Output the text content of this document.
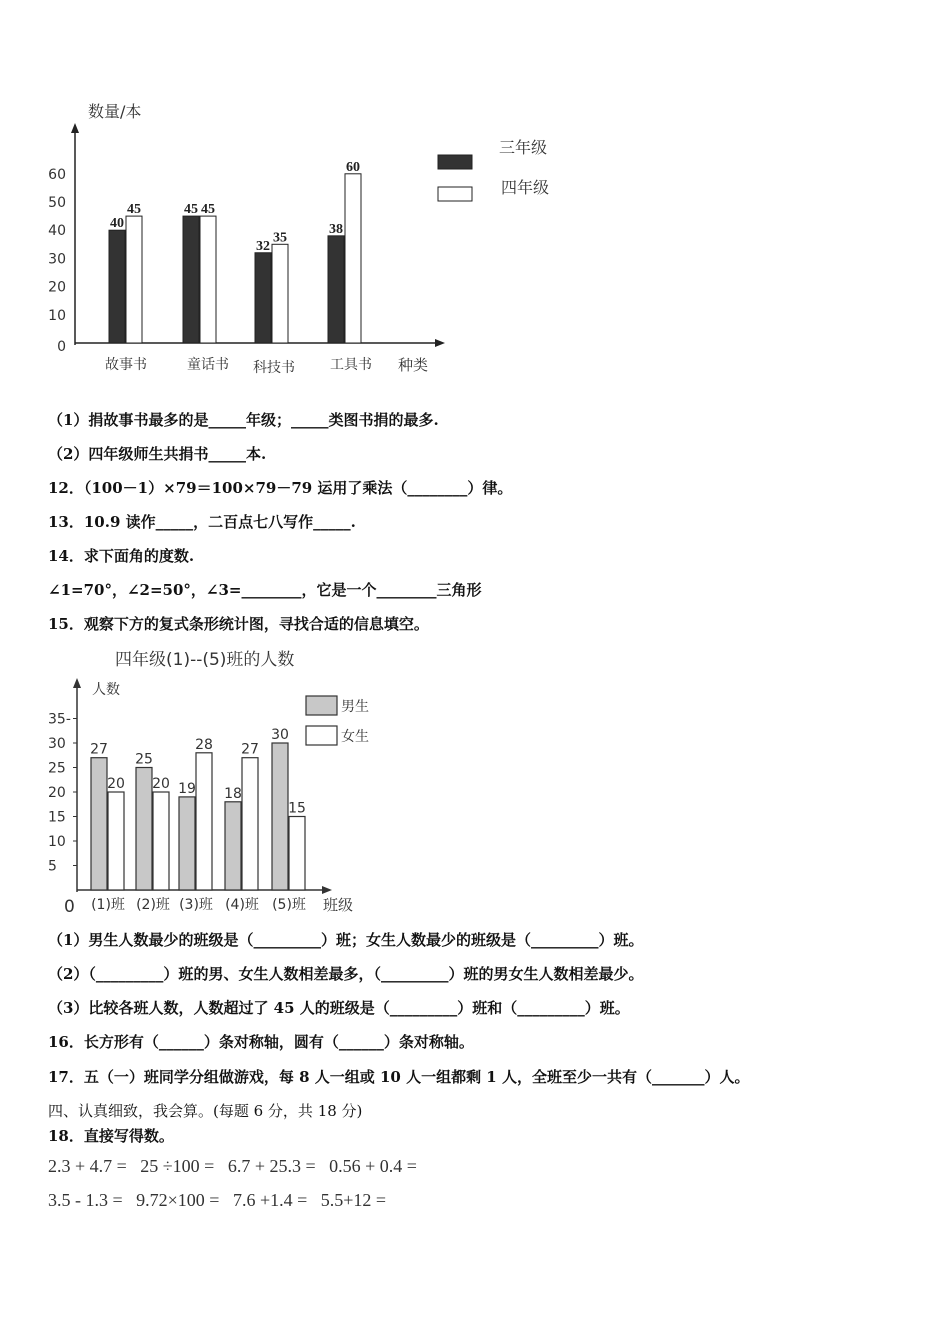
数量/本
种类
0
10
20
30
40
50
60
40
45
故事书
45 45
童话书
32
35
科技书
38
60
工具书
三年级
四年级
（1）捐故事书最多的是_____年级；_____类图书捐的最多.
（2）四年级师生共捐书_____本.
12．（100－1）×79＝100×79－79 运用了乘法（________）律。
13．10.9 读作_____，二百点七八写作_____.
14．求下面角的度数.
∠1=70°，∠2=50°，∠3=________，它是一个________三角形
15．观察下方的复式条形统计图，寻找合适的信息填空。
四年级(1)--(5)班的人数
人数
班级
0
5
10
15
20
25
30
35-
27
20
(1)班
25
20
(2)班
19
28
(3)班
18
27
(4)班
30
15
(5)班
男生
女生
（1）男生人数最少的班级是（_________）班；女生人数最少的班级是（_________）班。
（2）（_________）班的男、女生人数相差最多，（_________）班的男女生人数相差最少。
（3）比较各班人数，人数超过了 45 人的班级是（_________）班和（_________）班。
16．长方形有（______）条对称轴，圆有（______）条对称轴。
17．五（一）班同学分组做游戏，每 8 人一组或 10 人一组都剩 1 人，全班至少一共有（_______）人。
四、认真细致，我会算。(每题 6 分，共 18 分)
18．直接写得数。
2.3 + 4.7 =   25 ÷100 =   6.7 + 25.3 =   0.56 + 0.4 =
3.5 - 1.3 =   9.72×100 =   7.6 +1.4 =   5.5+12 =
